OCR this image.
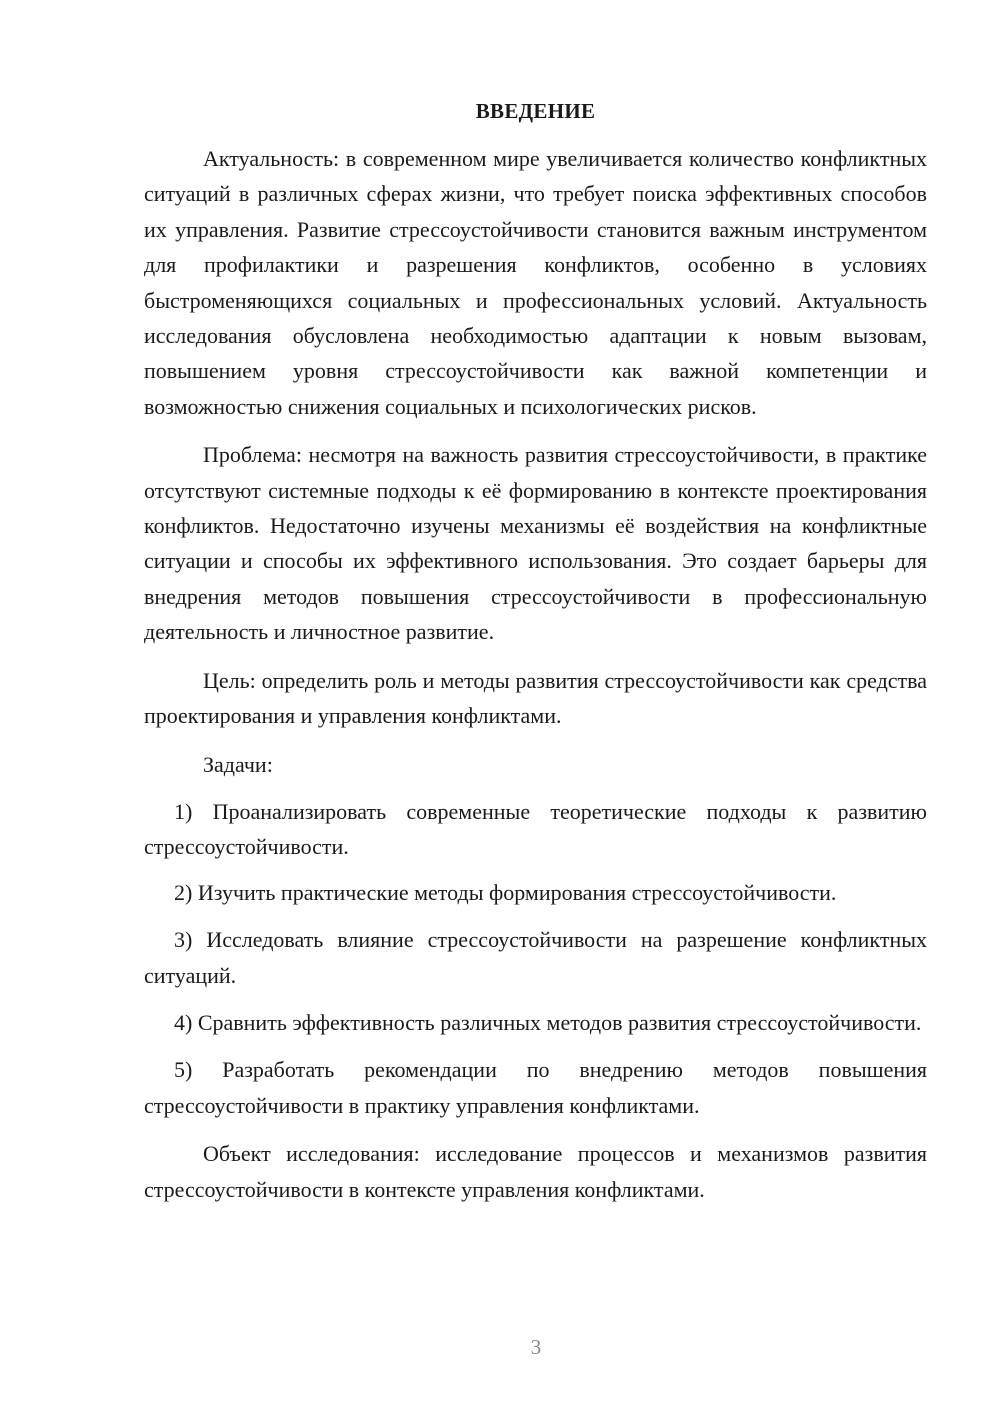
ВВЕДЕНИЕ

Актуальность: в современном мире увеличивается количество конфликтных ситуаций в различных сферах жизни, что требует поиска эффективных способов их управления. Развитие стрессоустойчивости становится важным инструментом для профилактики и разрешения конфликтов, особенно в условиях быстроменяющихся социальных и профессиональных условий. Актуальность исследования обусловлена необходимостью адаптации к новым вызовам, повышением уровня стрессоустойчивости как важной компетенции и возможностью снижения социальных и психологических рисков.

Проблема: несмотря на важность развития стрессоустойчивости, в практике отсутствуют системные подходы к её формированию в контексте проектирования конфликтов. Недостаточно изучены механизмы её воздействия на конфликтные ситуации и способы их эффективного использования. Это создает барьеры для внедрения методов повышения стрессоустойчивости в профессиональную деятельность и личностное развитие.

Цель: определить роль и методы развития стрессоустойчивости как средства проектирования и управления конфликтами.

Задачи:

1) Проанализировать современные теоретические подходы к развитию стрессоустойчивости.

2) Изучить практические методы формирования стрессоустойчивости.

3) Исследовать влияние стрессоустойчивости на разрешение конфликтных ситуаций.

4) Сравнить эффективность различных методов развития стрессоустойчивости.

5) Разработать рекомендации по внедрению методов повышения стрессоустойчивости в практику управления конфликтами.

Объект исследования: исследование процессов и механизмов развития стрессоустойчивости в контексте управления конфликтами.

3
